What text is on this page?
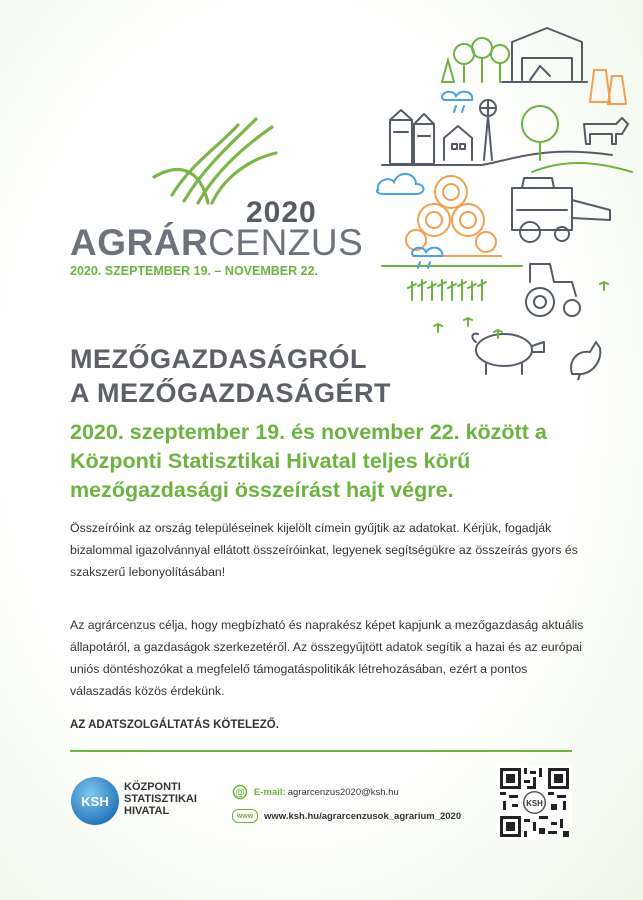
2020
AGRÁRCENZUS
2020. SZEPTEMBER 19. – NOVEMBER 22.
MEZŐGAZDASÁGRÓL
A MEZŐGAZDASÁGÉRT
2020. szeptember 19. és november 22. között a Központi Statisztikai Hivatal teljes körű mezőgazdasági összeírást hajt végre.
Összeíróink az ország településeinek kijelölt címein gyűjtik az adatokat. Kérjük, fogadják bizalommal igazolvánnyal ellátott összeíróinkat, legyenek segítségükre az összeírás gyors és szakszerű lebonyolításában!
Az agrárcenzus célja, hogy megbízható és naprakész képet kapjunk a mezőgazdaság aktuális állapotáról, a gazdaságok szerkezetéről. Az összegyűjtött adatok segítik a hazai és az európai uniós döntéshozókat a megfelelő támogatáspolitikák létrehozásában, ezért a pontos válaszadás közös érdekünk.
AZ ADATSZOLGÁLTATÁS KÖTELEZŐ.
KSH
KÖZPONTI
STATISZTIKAI
HIVATAL
@ E-mail: agrarcenzus2020@ksh.hu
www	www.ksh.hu/agrarcenzusok_agrarium_2020
KSH
